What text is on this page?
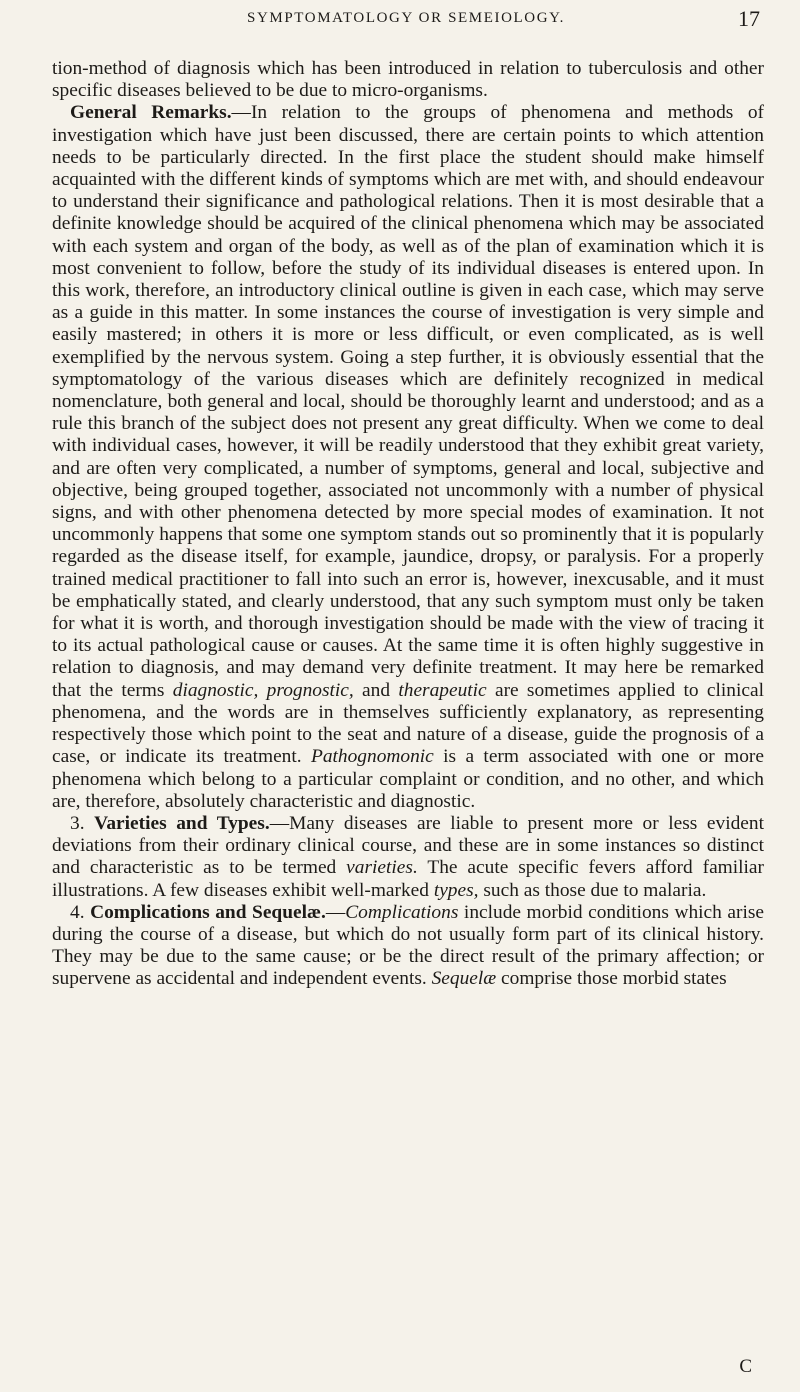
SYMPTOMATOLOGY OR SEMEIOLOGY.	17

tion-method of diagnosis which has been introduced in relation to tuberculosis and other specific diseases believed to be due to micro-organisms.

General Remarks.—In relation to the groups of phenomena and methods of investigation which have just been discussed, there are certain points to which attention needs to be particularly directed. In the first place the student should make himself acquainted with the different kinds of symptoms which are met with, and should endeavour to understand their significance and pathological relations. Then it is most desirable that a definite knowledge should be acquired of the clinical phenomena which may be associated with each system and organ of the body, as well as of the plan of examination which it is most convenient to follow, before the study of its individual diseases is entered upon. In this work, therefore, an introductory clinical outline is given in each case, which may serve as a guide in this matter. In some instances the course of investigation is very simple and easily mastered; in others it is more or less difficult, or even complicated, as is well exemplified by the nervous system. Going a step further, it is obviously essential that the symptomatology of the various diseases which are definitely recognized in medical nomenclature, both general and local, should be thoroughly learnt and understood; and as a rule this branch of the subject does not present any great difficulty. When we come to deal with individual cases, however, it will be readily understood that they exhibit great variety, and are often very complicated, a number of symptoms, general and local, subjective and objective, being grouped together, associated not uncommonly with a number of physical signs, and with other phenomena detected by more special modes of examination. It not uncommonly happens that some one symptom stands out so prominently that it is popularly regarded as the disease itself, for example, jaundice, dropsy, or paralysis. For a properly trained medical practitioner to fall into such an error is, however, inexcusable, and it must be emphatically stated, and clearly understood, that any such symptom must only be taken for what it is worth, and thorough investigation should be made with the view of tracing it to its actual pathological cause or causes. At the same time it is often highly suggestive in relation to diagnosis, and may demand very definite treatment. It may here be remarked that the terms diagnostic, prognostic, and therapeutic are sometimes applied to clinical phenomena, and the words are in themselves sufficiently explanatory, as representing respectively those which point to the seat and nature of a disease, guide the prognosis of a case, or indicate its treatment. Pathognomonic is a term associated with one or more phenomena which belong to a particular complaint or condition, and no other, and which are, therefore, absolutely characteristic and diagnostic.

3. Varieties and Types.—Many diseases are liable to present more or less evident deviations from their ordinary clinical course, and these are in some instances so distinct and characteristic as to be termed varieties. The acute specific fevers afford familiar illustrations. A few diseases exhibit well-marked types, such as those due to malaria.

4. Complications and Sequelæ.—Complications include morbid conditions which arise during the course of a disease, but which do not usually form part of its clinical history. They may be due to the same cause; or be the direct result of the primary affection; or supervene as accidental and independent events. Sequelæ comprise those morbid states

C
